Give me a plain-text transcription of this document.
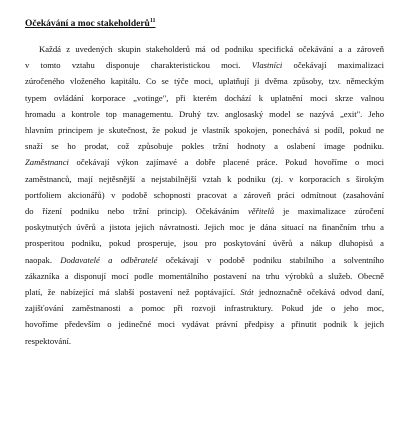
Očekávání a moc stakeholderů$^{11}$
Každá z uvedených skupin stakeholderů má od podniku specifická očekávání a a zároveň
v tomto vztahu disponuje charakteristickou moci. Vlastníci očekávají maximalizaci
zúročeného vloženého kapitálu. Co se týče moci, uplatňují ji dvěma způsoby, tzv. německým
typem ovládání korporace „votinge", při kterém dochází k uplatnění moci skrze valnou
hromadu a kontrole top managementu. Druhý tzv. anglosaský model se nazývá „exit". Jeho
hlavním principem je skutečnost, že pokud je vlastník spokojen, ponechává si podíl, pokud ne
snaží se ho prodat, což způsobuje pokles tržní hodnoty a oslabení image podniku.
Zaměstnanci očekávají výkon zajímavé a dobře placené práce. Pokud hovoříme o moci
zaměstnanců, mají nejtěsnější a nejstabilnější vztah k podniku (zj. v korporacích s širokým
portfoliem akcionářů) v podobě schopnosti pracovat a zároveň práci odmítnout (zasahování
do řízení podniku nebo tržní princip). Očekáváním věřitelů je maximalizace zúročení
poskytnutých úvěrů a jistota jejich návratnosti. Jejich moc je dána situací na finančním trhu a
prosperitou podniku, pokud prosperuje, jsou pro poskytování úvěrů a nákup dluhopisů a
naopak. Dodavatelé a odběratelé očekávají v podobě podniku stabilního a solventního
zákazníka a disponují mocí podle momentálního postavení na trhu výrobků a služeb. Obecně
platí, že nabízející má slabší postavení než poptávající. Stát jednoznačně očekává odvod daní,
zajišťování zaměstnanosti a pomoc při rozvoji infrastruktury. Pokud jde o jeho moc,
hovoříme především o jedinečné moci vydávat právní předpisy a přinutit podnik k jejich
respektování.
